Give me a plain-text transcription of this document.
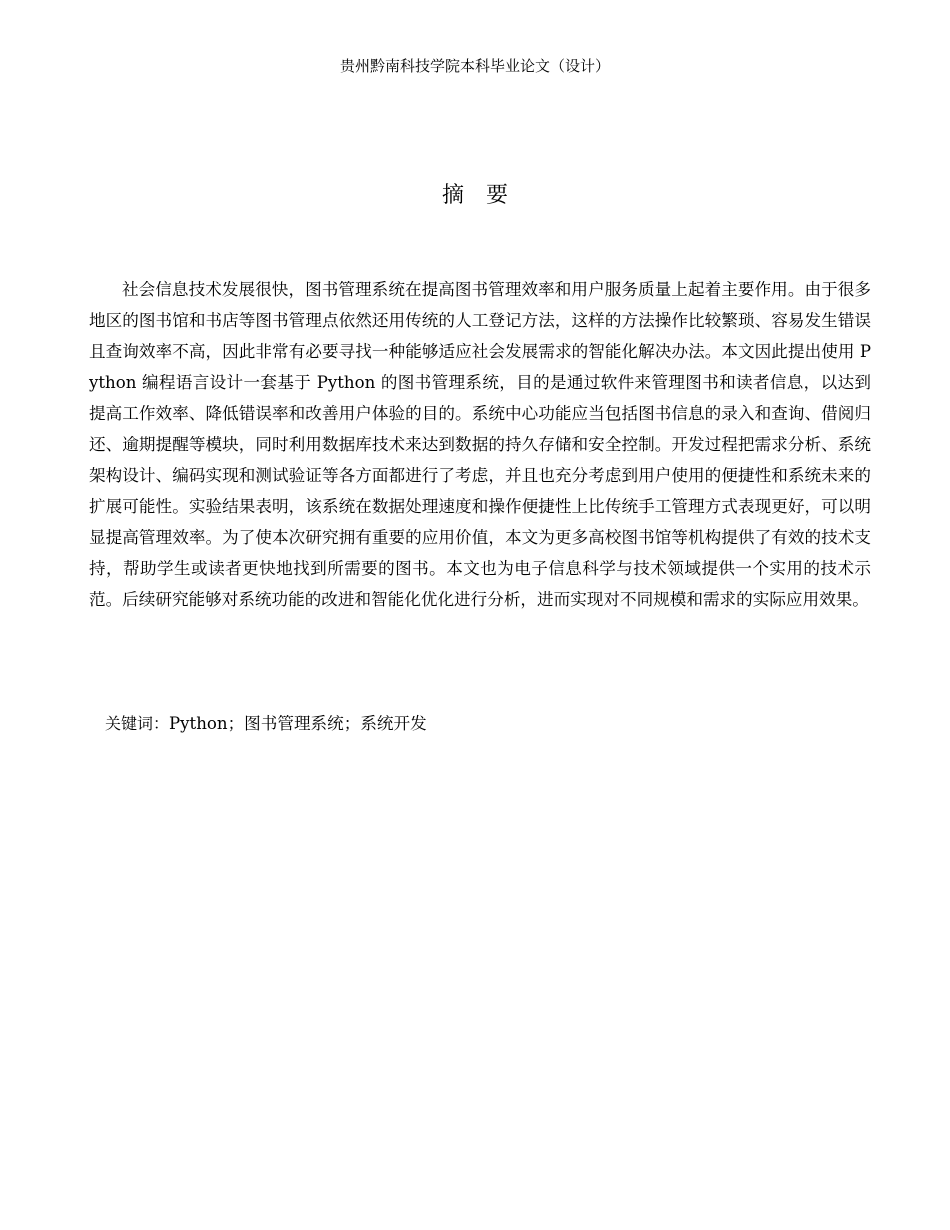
贵州黔南科技学院本科毕业论文（设计）
摘要

社会信息技术发展很快，图书管理系统在提高图书管理效率和用户服务质量上起着主要作用。由于很多地区的图书馆和书店等图书管理点依然还用传统的人工登记方法，这样的方法操作比较繁琐、容易发生错误且查询效率不高，因此非常有必要寻找一种能够适应社会发展需求的智能化解决办法。本文因此提出使用 Python 编程语言设计一套基于 Python 的图书管理系统，目的是通过软件来管理图书和读者信息，以达到提高工作效率、降低错误率和改善用户体验的目的。系统中心功能应当包括图书信息的录入和查询、借阅归还、逾期提醒等模块，同时利用数据库技术来达到数据的持久存储和安全控制。开发过程把需求分析、系统架构设计、编码实现和测试验证等各方面都进行了考虑，并且也充分考虑到用户使用的便捷性和系统未来的扩展可能性。实验结果表明，该系统在数据处理速度和操作便捷性上比传统手工管理方式表现更好，可以明显提高管理效率。为了使本次研究拥有重要的应用价值，本文为更多高校图书馆等机构提供了有效的技术支持，帮助学生或读者更快地找到所需要的图书。本文也为电子信息科学与技术领域提供一个实用的技术示范。后续研究能够对系统功能的改进和智能化优化进行分析，进而实现对不同规模和需求的实际应用效果。

关键词：Python；图书管理系统；系统开发
